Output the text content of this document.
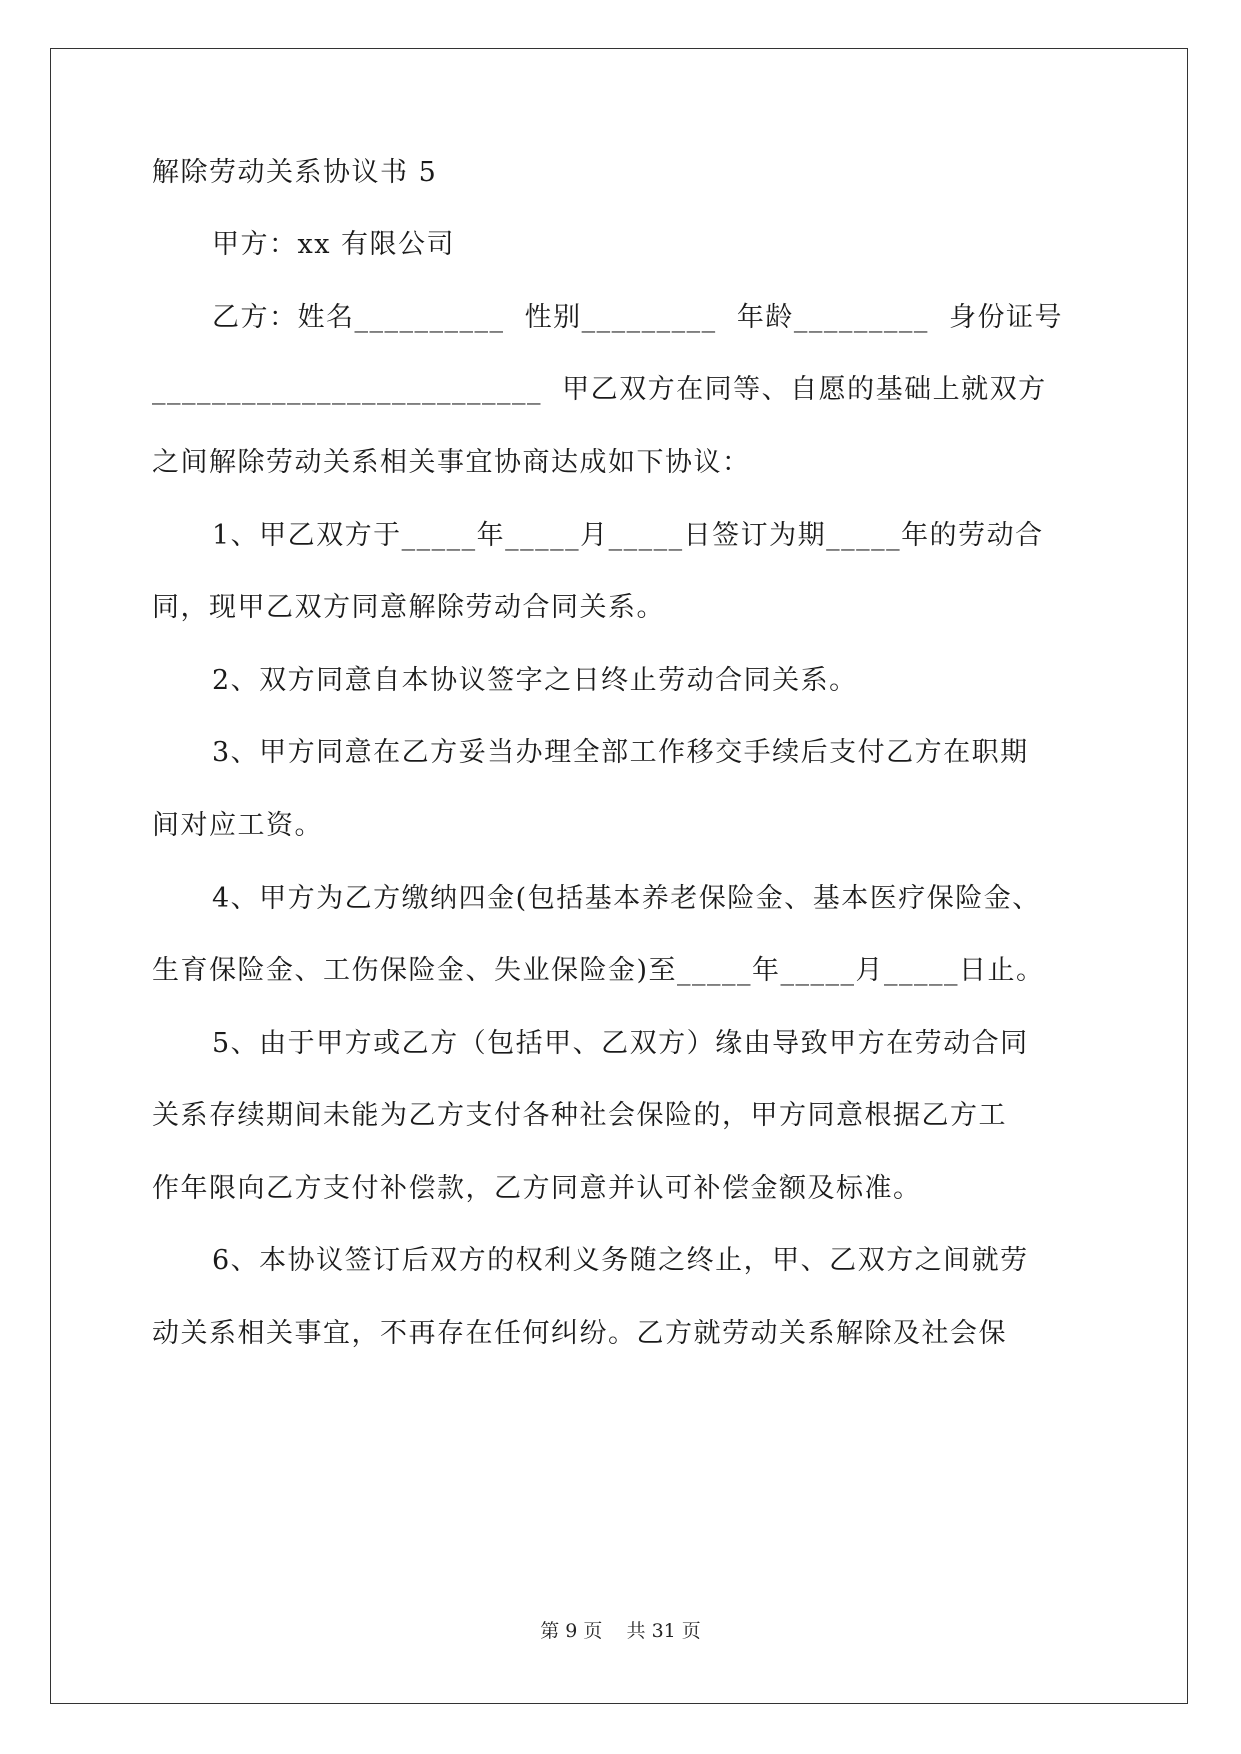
解除劳动关系协议书 5
甲方：xx 有限公司
乙方：姓名__________  性别_________  年龄_________  身份证号
__________________________  甲乙双方在同等、自愿的基础上就双方
之间解除劳动关系相关事宜协商达成如下协议：
1、甲乙双方于_____年_____月_____日签订为期_____年的劳动合
同，现甲乙双方同意解除劳动合同关系。
2、双方同意自本协议签字之日终止劳动合同关系。
3、甲方同意在乙方妥当办理全部工作移交手续后支付乙方在职期
间对应工资。
4、甲方为乙方缴纳四金(包括基本养老保险金、基本医疗保险金、
生育保险金、工伤保险金、失业保险金)至_____年_____月_____日止。
5、由于甲方或乙方（包括甲、乙双方）缘由导致甲方在劳动合同
关系存续期间未能为乙方支付各种社会保险的，甲方同意根据乙方工
作年限向乙方支付补偿款，乙方同意并认可补偿金额及标准。
6、本协议签订后双方的权利义务随之终止，甲、乙双方之间就劳
动关系相关事宜，不再存在任何纠纷。乙方就劳动关系解除及社会保
第 9 页    共 31 页
